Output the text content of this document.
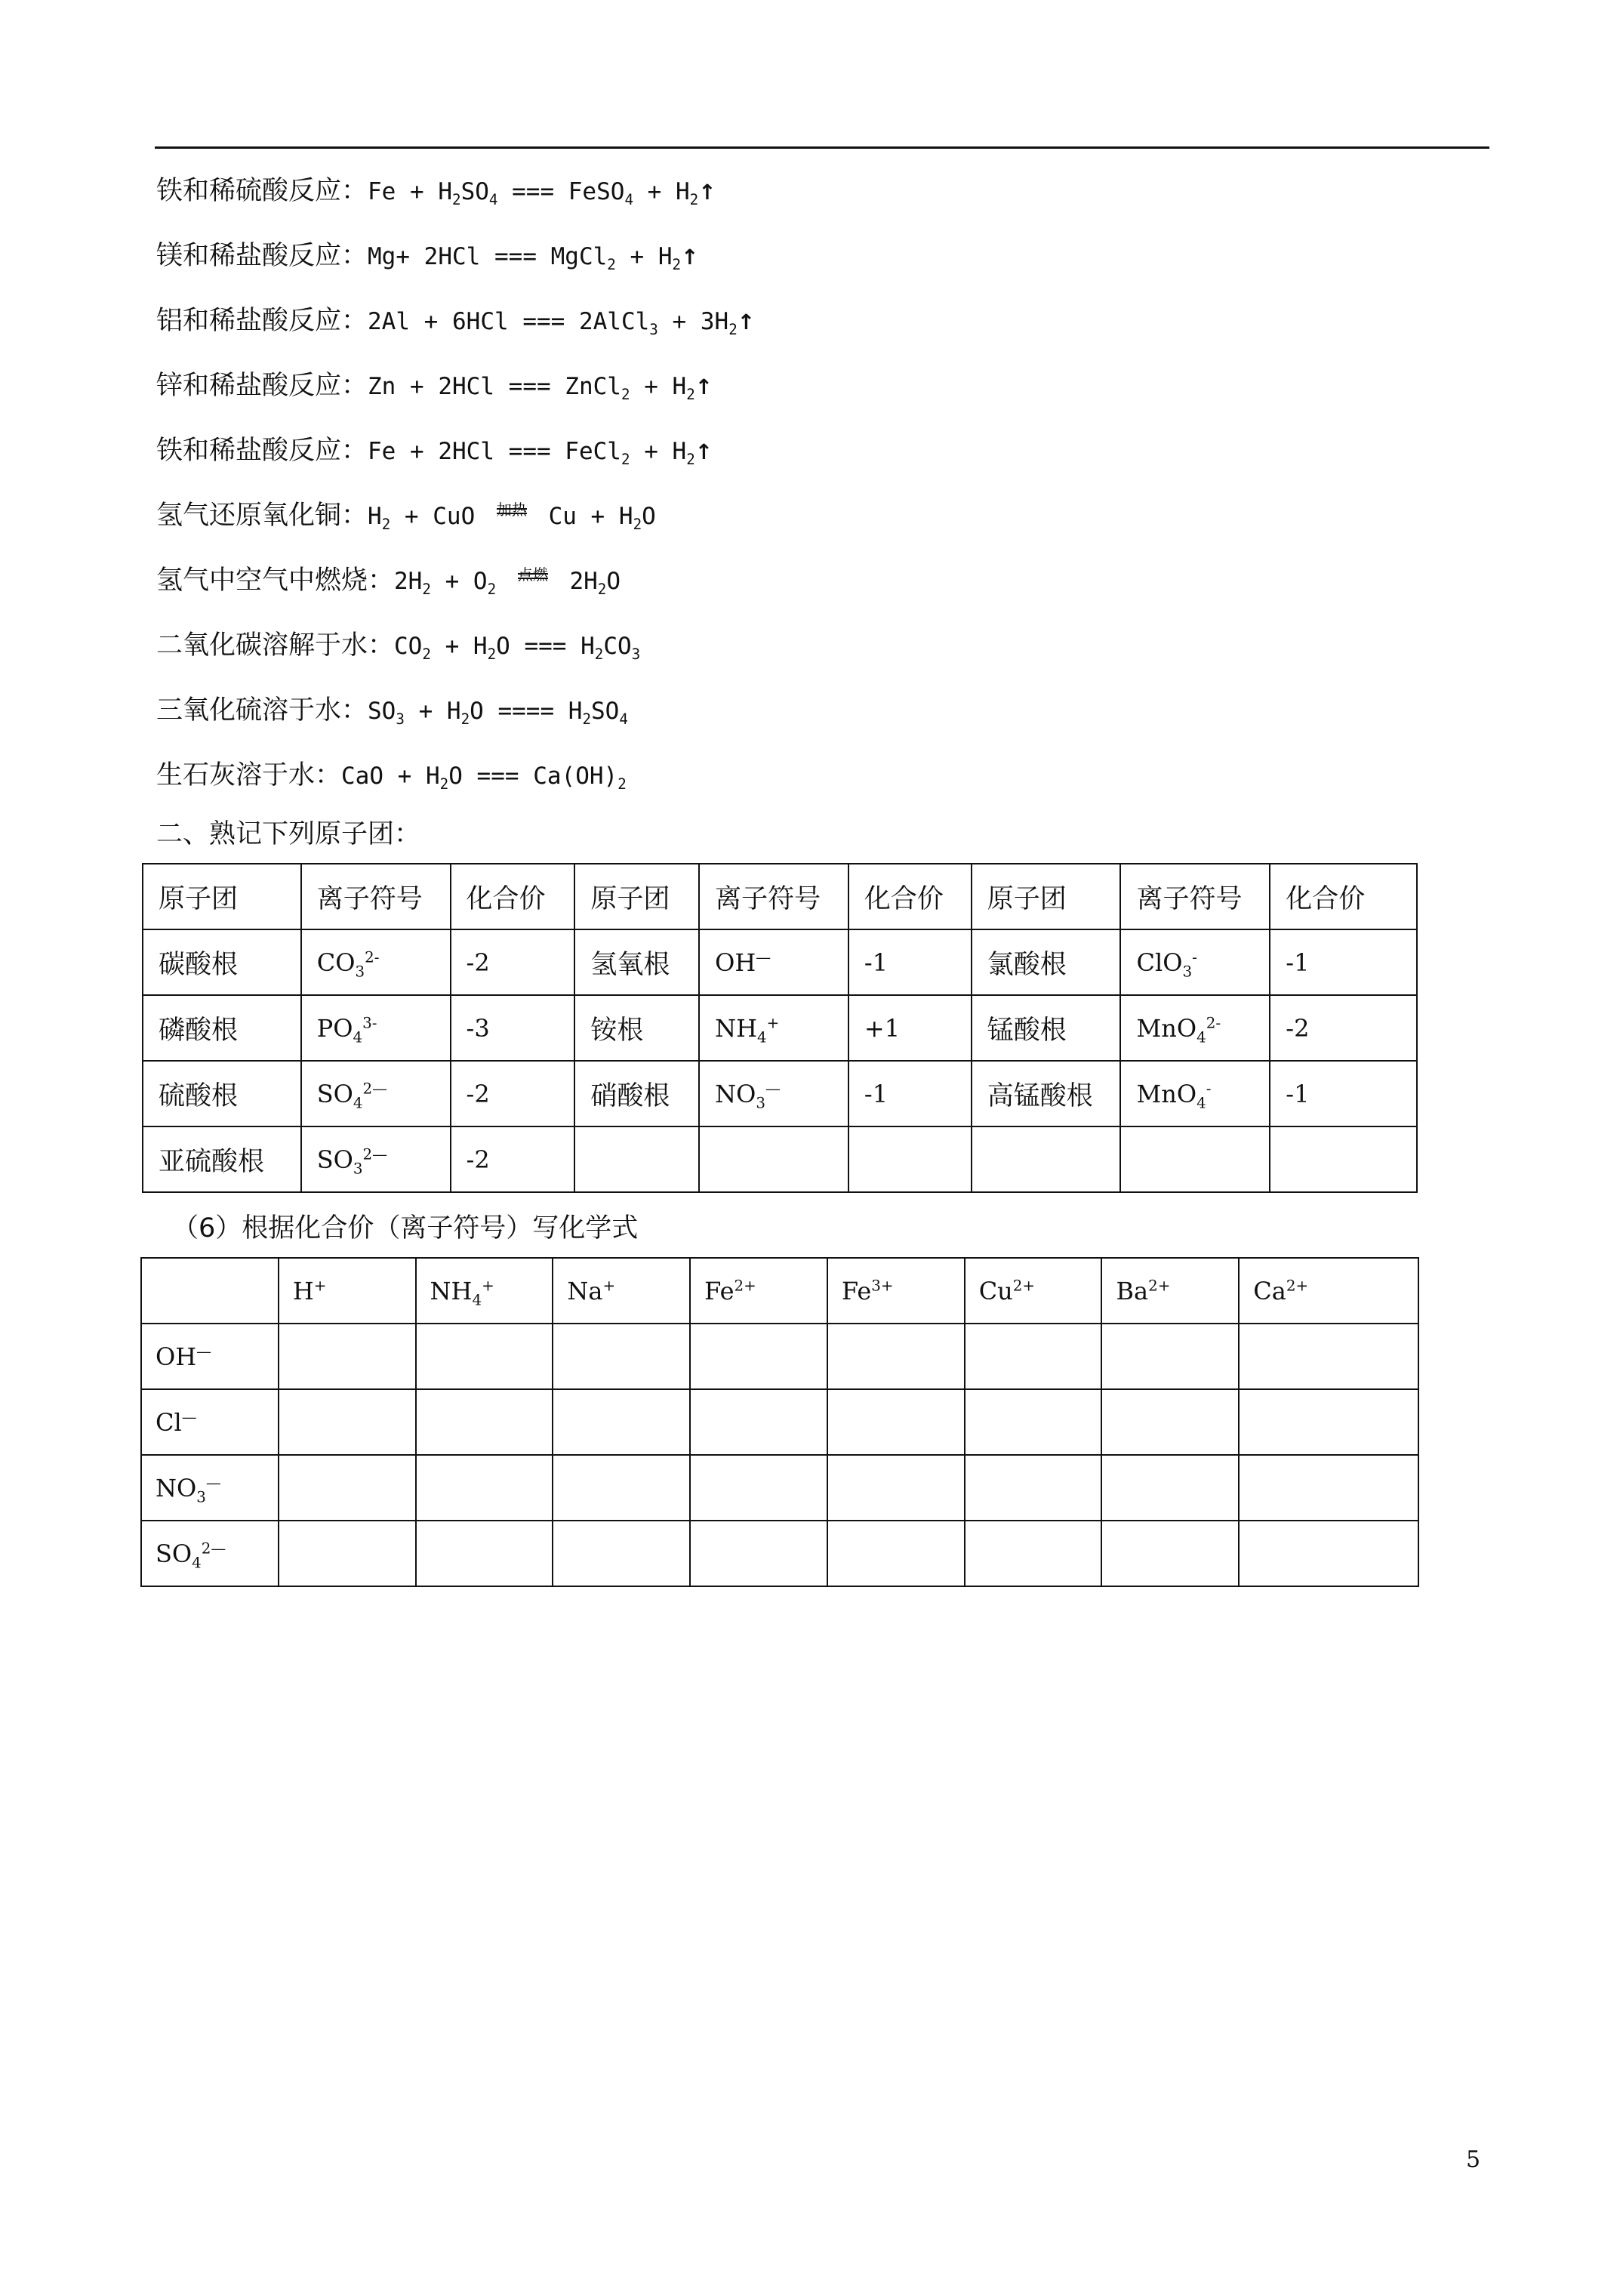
铁和稀硫酸反应：$Fe + H_2SO_4$ === FeSO$_4$ + $H_2↑$
镁和稀盐酸反应：Mg+ 2HCl === MgCl$_2$ + $H_2↑$
铝和稀盐酸反应：2Al + 6HCl === 2AlCl$_3$ + $3H_2↑$
锌和稀盐酸反应：Zn + 2HCl === ZnCl$_2$ + $H_2↑$
铁和稀盐酸反应：Fe + 2HCl === FeCl$_2$ + $H_2↑$
氢气还原氧化铜：$H_2$ + CuO $^{加热}$
$Cu + H_2O$
氢气中空气中燃烧：$2H_2 + O_2$ $^{点燃}$
$2H_2O$
二氧化碳溶解于水：$CO_2 + H_2O$ === $H_2CO_3$
三氧化硫溶于水：$SO_3 + H_2O$ ==== $H_2SO_4$
生石灰溶于水：CaO + $H_2O$ === $Ca(OH)_2$
二、熟记下列原子团：
原子团	离子符号	化合价	原子团	离子符号	化合价	原子团	离子符号	化合价
碳酸根	$CO_3^{2-}$	-2	氢氧根	OH—	-1	氯酸根	ClO$_3$-	-1
磷酸根	$PO_4^{3-}$	-3	铵根	$NH_4^+$	+1	锰酸根	MnO$_4^{2-}$	-2
硫酸根	$SO_4^{2—}$	-2	硝酸根	$NO_3^—$	-1	高锰酸根	MnO$_4$-	-1
亚硫酸根	$SO_3^{2—}$	-2						
（6）根据化合价（离子符号）写化学式
	H+	$NH_4^+$	Na+	$Fe^{2+}$	$Fe^{3+}$	$Cu^{2+}$	$Ba^{2+}$	$Ca^{2+}$
OH—								
Cl—								
$NO_3^—$								
$SO_4^{2—}$								
5
